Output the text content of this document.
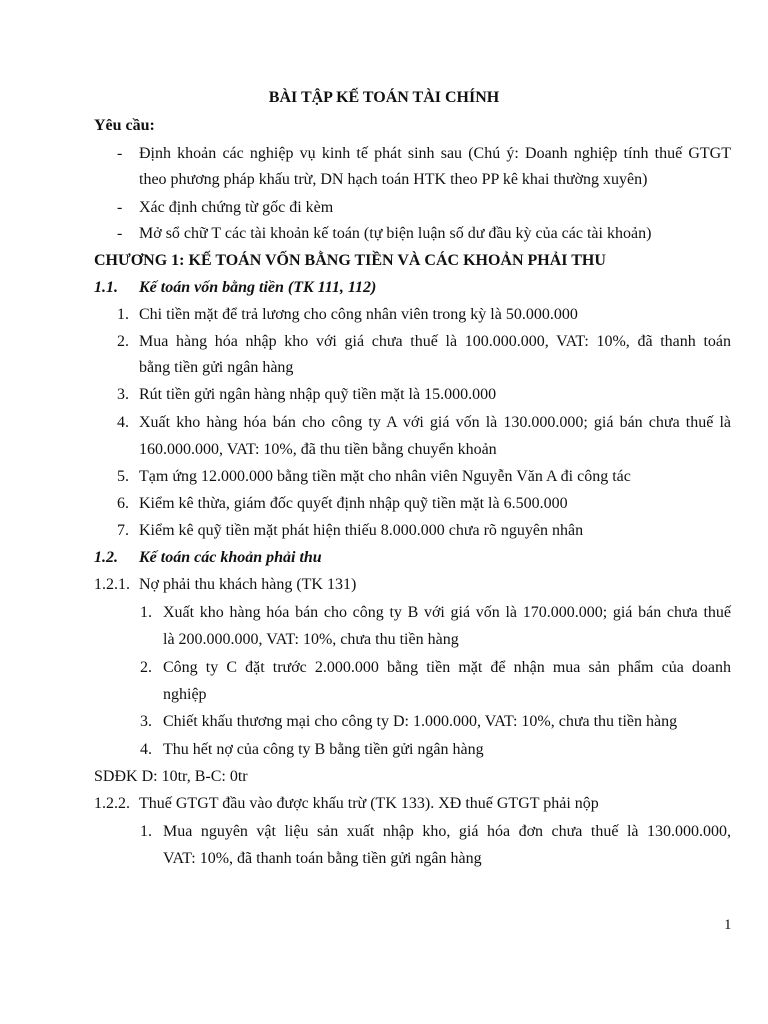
BÀI TẬP KẾ TOÁN TÀI CHÍNH
Yêu cầu:
- Định khoản các nghiệp vụ kinh tế phát sinh sau (Chú ý: Doanh nghiệp tính thuế GTGT
theo phương pháp khấu trừ, DN hạch toán HTK theo PP kê khai thường xuyên)
- Xác định chứng từ gốc đi kèm
- Mở sổ chữ T các tài khoản kế toán (tự biện luận số dư đầu kỳ của các tài khoản)
CHƯƠNG 1: KẾ TOÁN VỐN BẰNG TIỀN VÀ CÁC KHOẢN PHẢI THU
1.1. Kế toán vốn bằng tiền (TK 111, 112)
1. Chi tiền mặt để trả lương cho công nhân viên trong kỳ là 50.000.000
2. Mua hàng hóa nhập kho với giá chưa thuế là 100.000.000, VAT: 10%, đã thanh toán
bằng tiền gửi ngân hàng
3. Rút tiền gửi ngân hàng nhập quỹ tiền mặt là 15.000.000
4. Xuất kho hàng hóa bán cho công ty A với giá vốn là 130.000.000; giá bán chưa thuế là
160.000.000, VAT: 10%, đã thu tiền bằng chuyển khoản
5. Tạm ứng 12.000.000 bằng tiền mặt cho nhân viên Nguyễn Văn A đi công tác
6. Kiểm kê thừa, giám đốc quyết định nhập quỹ tiền mặt là 6.500.000
7. Kiểm kê quỹ tiền mặt phát hiện thiếu 8.000.000 chưa rõ nguyên nhân
1.2. Kế toán các khoản phải thu
1.2.1. Nợ phải thu khách hàng (TK 131)
1. Xuất kho hàng hóa bán cho công ty B với giá vốn là 170.000.000; giá bán chưa thuế
là 200.000.000, VAT: 10%, chưa thu tiền hàng
2. Công ty C đặt trước 2.000.000 bằng tiền mặt để nhận mua sản phẩm của doanh
nghiệp
3. Chiết khấu thương mại cho công ty D: 1.000.000, VAT: 10%, chưa thu tiền hàng
4. Thu hết nợ của công ty B bằng tiền gửi ngân hàng
SDĐK D: 10tr, B-C: 0tr
1.2.2. Thuế GTGT đầu vào được khấu trừ (TK 133). XĐ thuế GTGT phải nộp
1. Mua nguyên vật liệu sản xuất nhập kho, giá hóa đơn chưa thuế là 130.000.000,
VAT: 10%, đã thanh toán bằng tiền gửi ngân hàng
1
